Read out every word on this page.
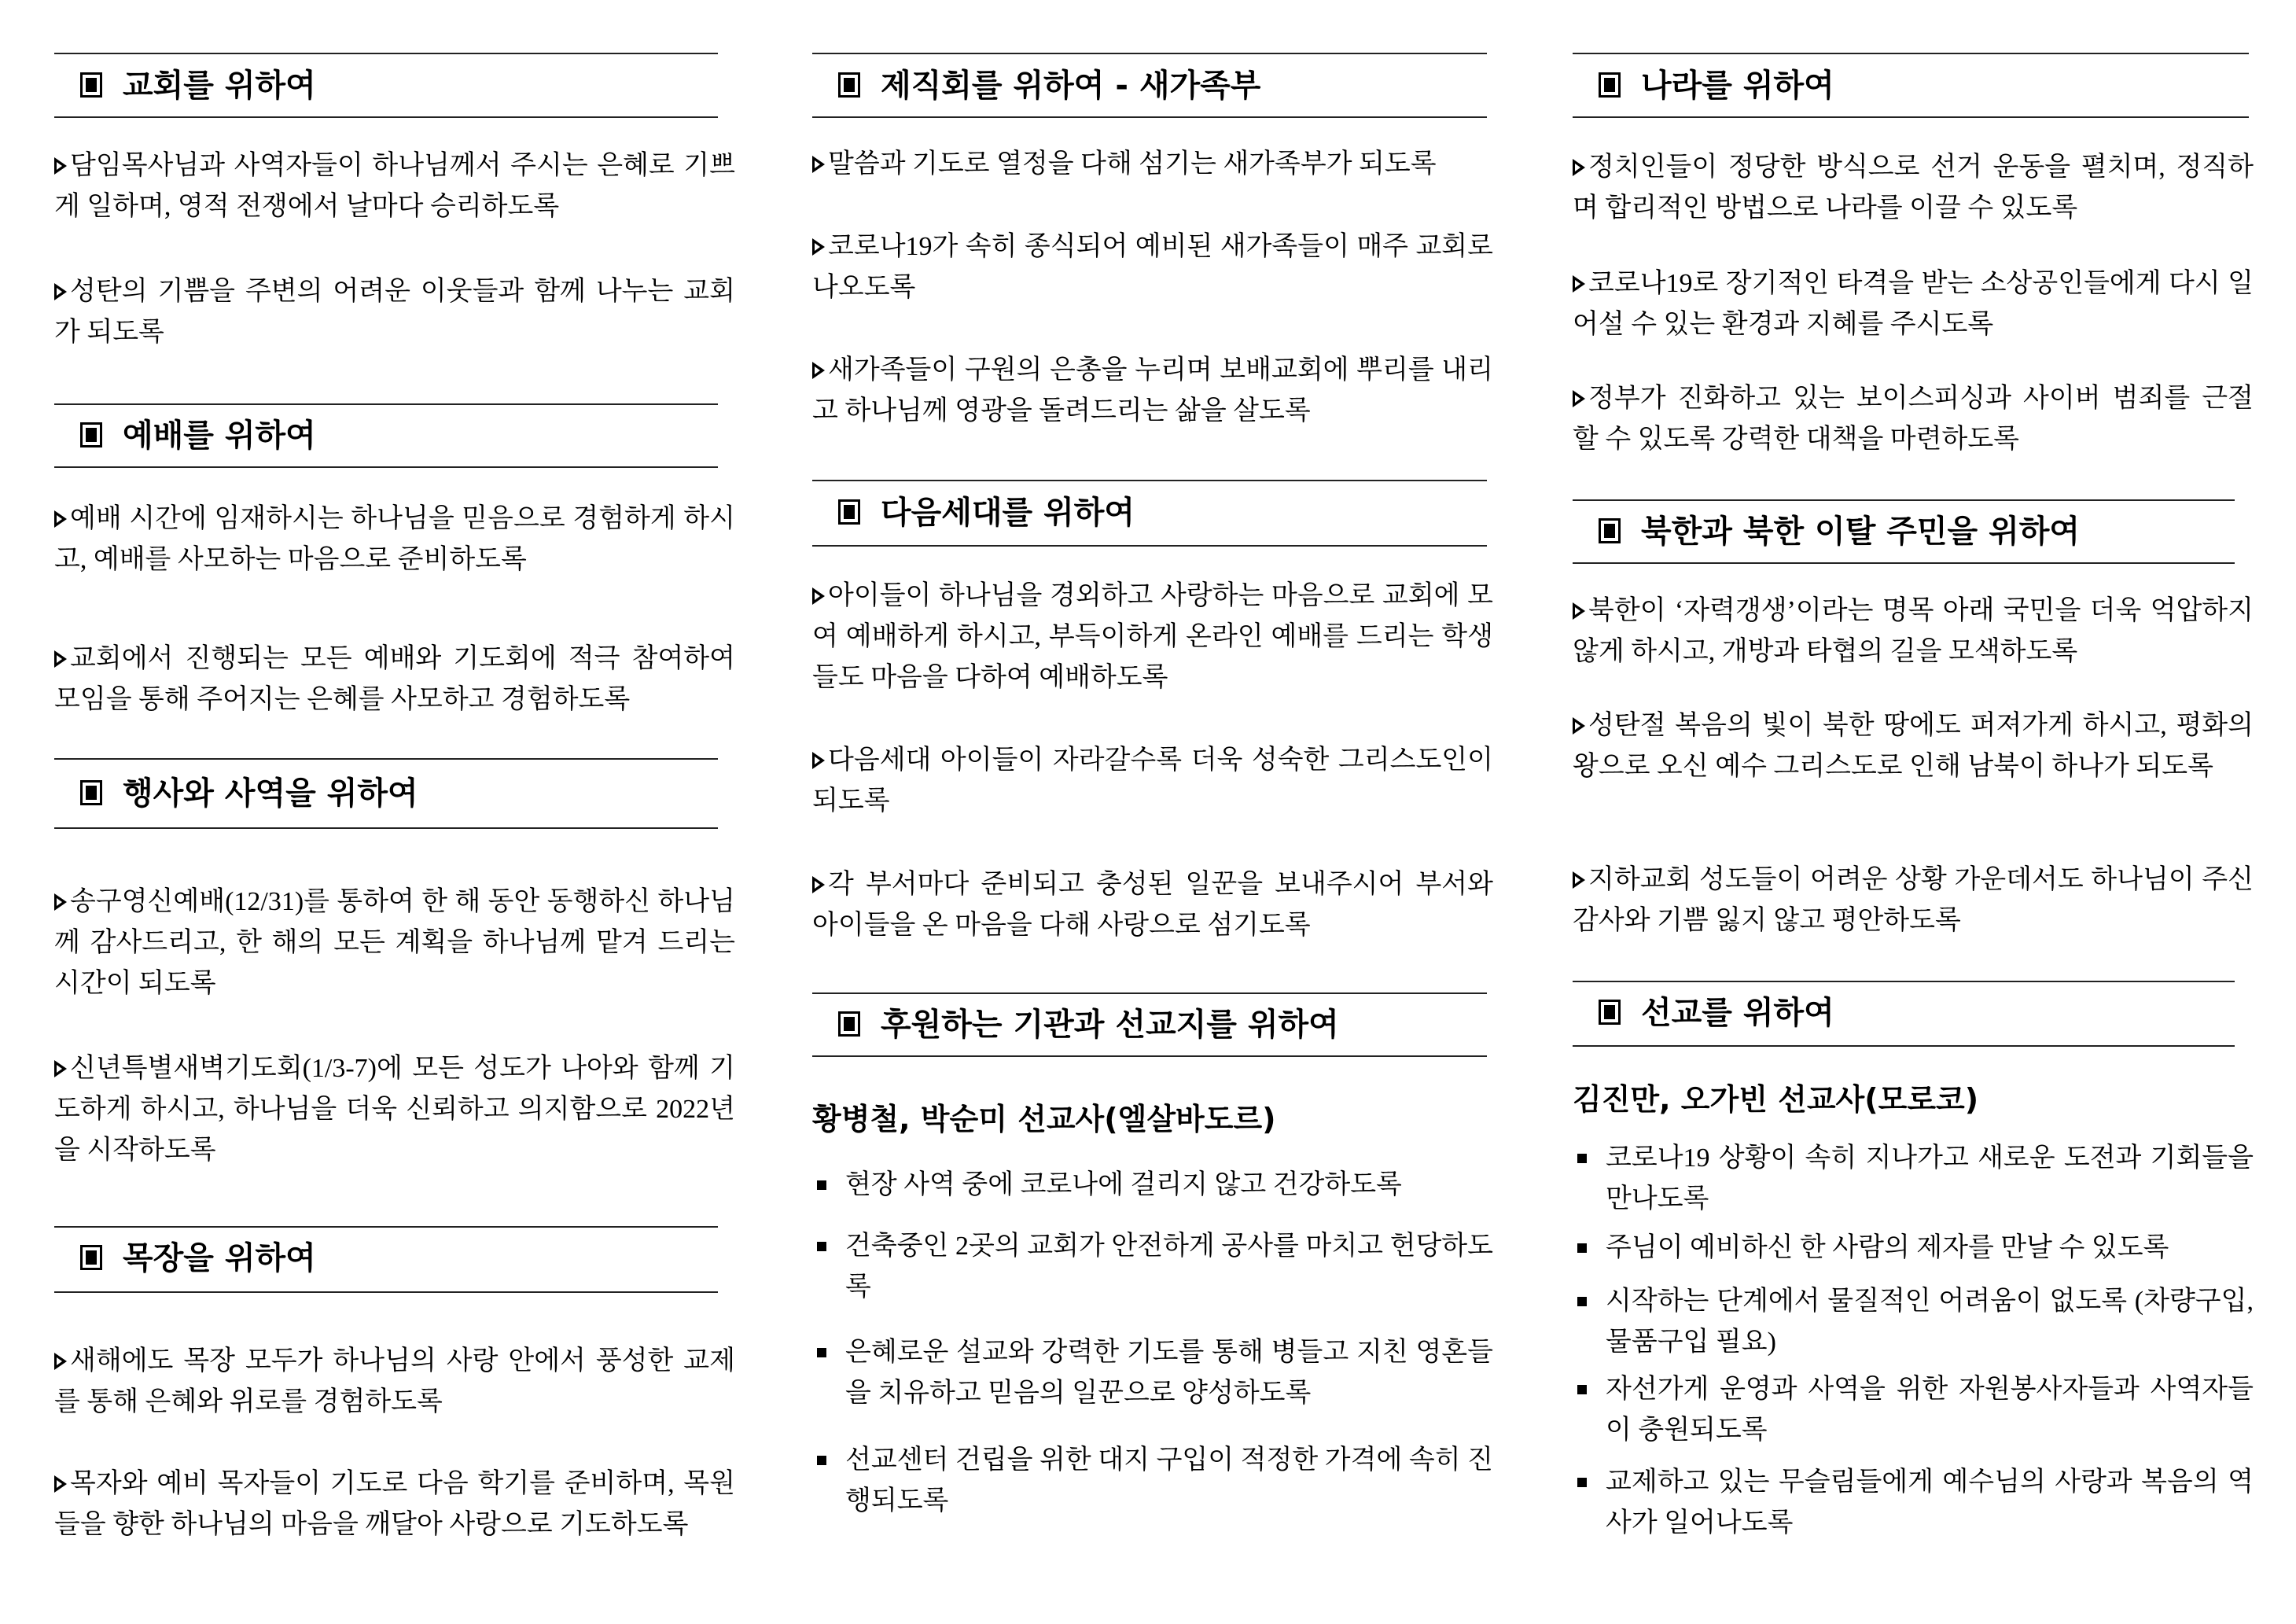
교회를 위하여
담임목사님과 사역자들이 하나님께서 주시는 은혜로 기쁘게 일하며, 영적 전쟁에서 날마다 승리하도록
성탄의 기쁨을 주변의 어려운 이웃들과 함께 나누는 교회가 되도록
예배를 위하여
예배 시간에 임재하시는 하나님을 믿음으로 경험하게 하시고, 예배를 사모하는 마음으로 준비하도록
교회에서 진행되는 모든 예배와 기도회에 적극 참여하여 모임을 통해 주어지는 은혜를 사모하고 경험하도록
행사와 사역을 위하여
송구영신예배(12/31)를 통하여 한 해 동안 동행하신 하나님께 감사드리고, 한 해의 모든 계획을 하나님께 맡겨 드리는 시간이 되도록
신년특별새벽기도회(1/3-7)에 모든 성도가 나아와 함께 기도하게 하시고, 하나님을 더욱 신뢰하고 의지함으로 2022년을 시작하도록
목장을 위하여
새해에도 목장 모두가 하나님의 사랑 안에서 풍성한 교제를 통해 은혜와 위로를 경험하도록
목자와 예비 목자들이 기도로 다음 학기를 준비하며, 목원들을 향한 하나님의 마음을 깨달아 사랑으로 기도하도록
제직회를 위하여 - 새가족부
말씀과 기도로 열정을 다해 섬기는 새가족부가 되도록
코로나19가 속히 종식되어 예비된 새가족들이 매주 교회로 나오도록
새가족들이 구원의 은총을 누리며 보배교회에 뿌리를 내리고 하나님께 영광을 돌려드리는 삶을 살도록
다음세대를 위하여
아이들이 하나님을 경외하고 사랑하는 마음으로 교회에 모여 예배하게 하시고, 부득이하게 온라인 예배를 드리는 학생들도 마음을 다하여 예배하도록
다음세대 아이들이 자라갈수록 더욱 성숙한 그리스도인이 되도록
각 부서마다 준비되고 충성된 일꾼을 보내주시어 부서와 아이들을 온 마음을 다해 사랑으로 섬기도록
후원하는 기관과 선교지를 위하여
황병철, 박순미 선교사(엘살바도르)
현장 사역 중에 코로나에 걸리지 않고 건강하도록
건축중인 2곳의 교회가 안전하게 공사를 마치고 헌당하도록
은혜로운 설교와 강력한 기도를 통해 병들고 지친 영혼들을 치유하고 믿음의 일꾼으로 양성하도록
선교센터 건립을 위한 대지 구입이 적정한 가격에 속히 진행되도록
나라를 위하여
정치인들이 정당한 방식으로 선거 운동을 펼치며, 정직하며 합리적인 방법으로 나라를 이끌 수 있도록
코로나19로 장기적인 타격을 받는 소상공인들에게 다시 일어설 수 있는 환경과 지혜를 주시도록
정부가 진화하고 있는 보이스피싱과 사이버 범죄를 근절 할 수 있도록 강력한 대책을 마련하도록
북한과 북한 이탈 주민을 위하여
북한이 ‘자력갱생’이라는 명목 아래 국민을 더욱 억압하지 않게 하시고, 개방과 타협의 길을 모색하도록
성탄절 복음의 빛이 북한 땅에도 퍼져가게 하시고, 평화의 왕으로 오신 예수 그리스도로 인해 남북이 하나가 되도록
지하교회 성도들이 어려운 상황 가운데서도 하나님이 주신 감사와 기쁨 잃지 않고 평안하도록
선교를 위하여
김진만, 오가빈 선교사(모로코)
코로나19 상황이 속히 지나가고 새로운 도전과 기회들을 만나도록
주님이 예비하신 한 사람의 제자를 만날 수 있도록
시작하는 단계에서 물질적인 어려움이 없도록 (차량구입, 물품구입 필요)
자선가게 운영과 사역을 위한 자원봉사자들과 사역자들이 충원되도록
교제하고 있는 무슬림들에게 예수님의 사랑과 복음의 역사가 일어나도록
